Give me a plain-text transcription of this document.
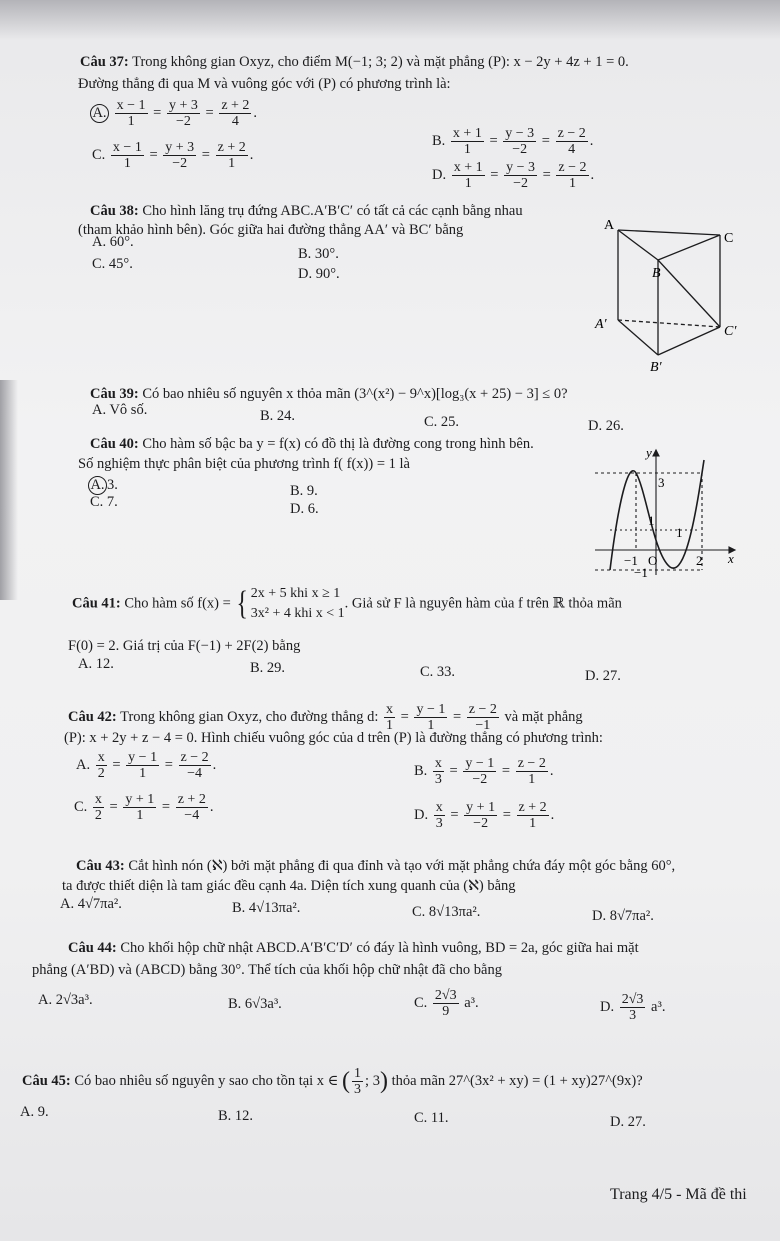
Câu 37: Trong không gian Oxyz, cho điểm M(−1; 3; 2) và mặt phẳng (P): x − 2y + 4z + 1 = 0.
Đường thẳng đi qua M và vuông góc với (P) có phương trình là:
A. $\frac{x - 1}{1} = \frac{y + 3}{-2} = \frac{z + 2}{4}$ .
B. $\frac{x + 1}{1} = \frac{y - 3}{-2} = \frac{z - 2}{4}$ .
C. $\frac{x - 1}{1} = \frac{y + 3}{-2} = \frac{z + 2}{1}$ .
D. $\frac{x + 1}{1} = \frac{y - 3}{-2} = \frac{z - 2}{1}$ .
Câu 38: Cho hình lăng trụ đứng ABC.A′B′C′ có tất cả các cạnh bằng nhau
(tham khảo hình bên). Góc giữa hai đường thẳng AA′ và BC′ bằng
A. 60°.
B. 30°.
C. 45°.
D. 90°.
A
C
B
A′	C′
B′
Câu 39: Có bao nhiêu số nguyên x thỏa mãn (3^(x²) − 9^x)[log₃(x + 25) − 3] ≤ 0?
A. Vô số.	B. 24.	C. 25.	D. 26.
Câu 40: Cho hàm số bậc ba y = f(x) có đồ thị là đường cong trong hình bên.
Số nghiệm thực phân biệt của phương trình f( f(x)) = 1 là
A. 3.	B. 9.
C. 7.	D. 6.
y
x
3
1
1
−1 O	2
−1
Câu 41: Cho hàm số f(x) = { 2x + 5 khi x ≥ 1
3x² + 4 khi x < 1
. Giả sử F là nguyên hàm của f trên ℝ thỏa mãn
F(0) = 2. Giá trị của F(−1) + 2F(2) bằng
A. 12.	B. 29.	C. 33.	D. 27.
Câu 42: Trong không gian Oxyz, cho đường thẳng d: $\frac{x}{1} = \frac{y - 1}{1} = \frac{z - 2}{-1}$ và mặt phẳng
(P): x + 2y + z − 4 = 0. Hình chiếu vuông góc của d trên (P) là đường thẳng có phương trình:
A. $\frac{x}{2} = \frac{y - 1}{1} = \frac{z - 2}{-4}$ .	B. $\frac{x}{3} = \frac{y - 1}{-2} = \frac{z - 2}{1}$ .
C. $\frac{x}{2} = \frac{y + 1}{1} = \frac{z + 2}{-4}$ .	D. $\frac{x}{3} = \frac{y + 1}{-2} = \frac{z + 2}{1}$ .
Câu 43: Cắt hình nón (ℵ) bởi mặt phẳng đi qua đỉnh và tạo với mặt phẳng chứa đáy một góc bằng 60°,
ta được thiết diện là tam giác đều cạnh 4a. Diện tích xung quanh của (ℵ) bằng
A. 4√7πa².	B. 4√13πa².	C. 8√13πa².	D. 8√7πa².
Câu 44: Cho khối hộp chữ nhật ABCD.A′B′C′D′ có đáy là hình vuông, BD = 2a, góc giữa hai mặt
phẳng (A′BD) và (ABCD) bằng 30°. Thể tích của khối hộp chữ nhật đã cho bằng
A. 2√3a³.	B. 6√3a³.	C. $\frac{2√3}{9} a^3$.	D. $\frac{2√3}{3} a^3$.
Câu 45: Có bao nhiêu số nguyên y sao cho tồn tại x ∈ ( $\frac{1}{3}$ ; 3) thỏa mãn 27^(3x² + xy) = (1 + xy)27^(9x)?
A. 9.	B. 12.	C. 11.	D. 27.
Trang 4/5 - Mã đề thi
